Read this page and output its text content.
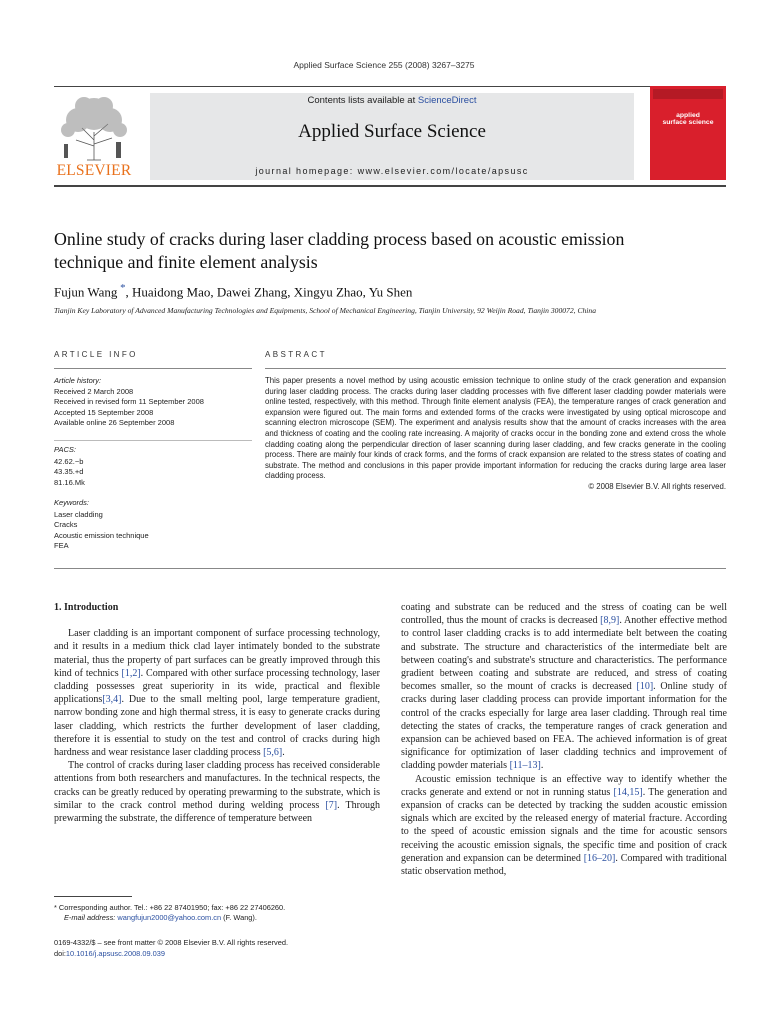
Applied Surface Science 255 (2008) 3267–3275
ELSEVIER
Contents lists available at ScienceDirect
Applied Surface Science
journal homepage: www.elsevier.com/locate/apsusc
applied
surface science
Online study of cracks during laser cladding process based on acoustic emission
technique and finite element analysis
Fujun Wang *, Huaidong Mao, Dawei Zhang, Xingyu Zhao, Yu Shen
Tianjin Key Laboratory of Advanced Manufacturing Technologies and Equipments, School of Mechanical Engineering, Tianjin University, 92 Weijin Road, Tianjin 300072, China
ARTICLE INFO	ABSTRACT
Article history:
Received 2 March 2008
Received in revised form 11 September 2008
Accepted 15 September 2008
Available online 26 September 2008
PACS:
42.62.−b
43.35.+d
81.16.Mk
Keywords:
Laser cladding
Cracks
Acoustic emission technique
FEA
This paper presents a novel method by using acoustic emission technique to online study of the crack generation and expansion during laser cladding process. The cracks during laser cladding processes with five different laser cladding powder materials were online tested, respectively, with this method. Through finite element analysis (FEA), the temperature ranges of crack generation and expansion were figured out. The main forms and extended forms of the cracks were investigated by using optical microscope and scanning electron microscope (SEM). The experiment and analysis results show that the amount of cracks increases with the area and thickness of coating and the cooling rate increasing. A majority of cracks occur in the bonding zone and extend cross the whole cladding coating along the perpendicular direction of laser scanning during laser cladding, and few cracks generate in the cooling process. There are mainly four kinds of crack forms, and the forms of crack expansion are related to the stress states of coating and substrate. The method and conclusions in this paper provide important information for reducing the cracks during large area laser cladding process.
© 2008 Elsevier B.V. All rights reserved.

1. Introduction

Laser cladding is an important component of surface processing technology, and it results in a medium thick clad layer intimately bonded to the substrate material, thus the property of part surfaces can be greatly improved through this kind of technics [1,2]. Compared with other surface processing technology, laser cladding possesses great superiority in its wide, practical and flexible applications[3,4]. Due to the small melting pool, large temperature gradient, narrow bonding zone and high thermal stress, it is easy to generate cracks during laser cladding, which restricts the further development of laser cladding, therefore it is essential to study on the test and control of cracks during high hardness and wear resistance laser cladding process [5,6].

The control of cracks during laser cladding process has received considerable attentions from both researchers and manufactures. In the technical respects, the cracks can be greatly reduced by operating prewarming to the substrate, which is similar to the crack control method during welding process [7]. Through prewarming the substrate, the difference of temperature between

coating and substrate can be reduced and the stress of coating can be well controlled, thus the mount of cracks is decreased [8,9]. Another effective method to control laser cladding cracks is to add intermediate belt between the coating and substrate. The structure and characteristics of the intermediate belt are between coating's and substrate's structure and characteristics. The performance gradient between coating and substrate are reduced, and stress of coating becomes smaller, so the mount of cracks is decreased [10]. Online study of cracks during laser cladding process can provide important information for the control of the cracks especially for large area laser cladding. Through real time detecting the states of cracks, the temperature ranges of crack generation and expansion can be achieved based on FEA. The achieved information is of great significance for optimization of laser cladding technics and improvement of cladding powder materials [11–13].

Acoustic emission technique is an effective way to identify whether the cracks generate and extend or not in running status [14,15]. The generation and expansion of cracks can be detected by tracking the sudden acoustic emission signals which are excited by the released energy of material fracture. According to the speed of acoustic emission signals and the time for acoustic sensors receiving the acoustic emission signals, the specific time and position of crack generation and expansion can be determined [16–20]. Compared with traditional static observation method,

* Corresponding author. Tel.: +86 22 87401950; fax: +86 22 27406260.
E-mail address: wangfujun2000@yahoo.com.cn (F. Wang).
0169-4332/$ – see front matter © 2008 Elsevier B.V. All rights reserved.
doi:10.1016/j.apsusc.2008.09.039
